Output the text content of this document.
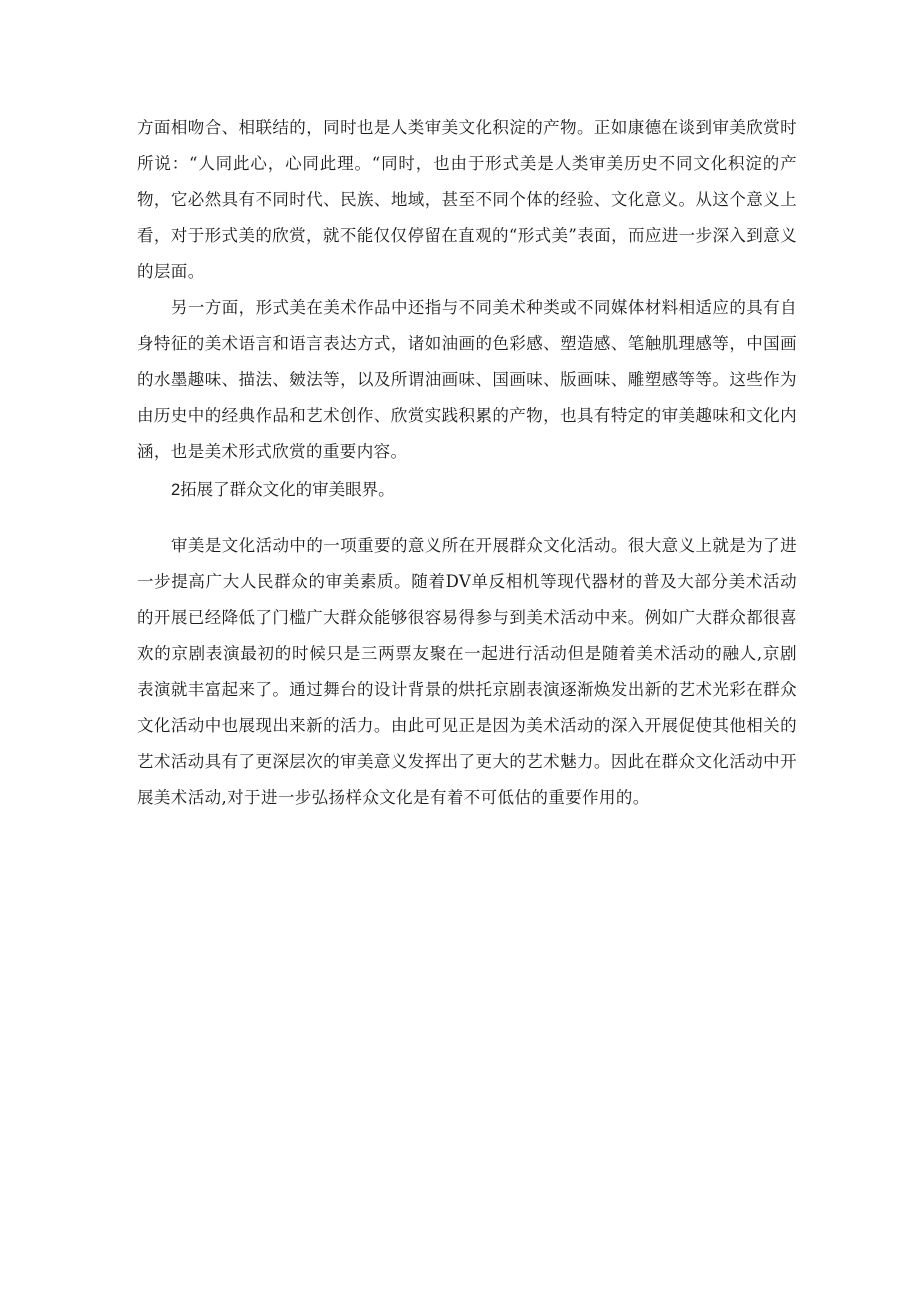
方面相吻合、相联结的，同时也是人类审美文化积淀的产物。正如康德在谈到审美欣赏时所说：“人同此心，心同此理。“同时，也由于形式美是人类审美历史不同文化积淀的产物，它必然具有不同时代、民族、地域，甚至不同个体的经验、文化意义。从这个意义上看，对于形式美的欣赏，就不能仅仅停留在直观的“形式美”表面，而应进一步深入到意义的层面。

另一方面，形式美在美术作品中还指与不同美术种类或不同媒体材料相适应的具有自身特征的美术语言和语言表达方式，诸如油画的色彩感、塑造感、笔触肌理感等，中国画的水墨趣味、描法、皴法等，以及所谓油画味、国画味、版画味、雕塑感等等。这些作为由历史中的经典作品和艺术创作、欣赏实践积累的产物，也具有特定的审美趣味和文化内涵，也是美术形式欣赏的重要内容。

2拓展了群众文化的审美眼界。

审美是文化活动中的一项重要的意义所在开展群众文化活动。很大意义上就是为了进一步提高广大人民群众的审美素质。随着DV单反相机等现代器材的普及大部分美术活动的开展已经降低了门槛广大群众能够很容易得参与到美术活动中来。例如广大群众都很喜欢的京剧表演最初的时候只是三两票友聚在一起进行活动但是随着美术活动的融人,京剧表演就丰富起来了。通过舞台的设计背景的烘托京剧表演逐渐焕发出新的艺术光彩在群众文化活动中也展现出来新的活力。由此可见正是因为美术活动的深入开展促使其他相关的艺术活动具有了更深层次的审美意义发挥出了更大的艺术魅力。因此在群众文化活动中开展美术活动,对于进一步弘扬样众文化是有着不可低估的重要作用的。
